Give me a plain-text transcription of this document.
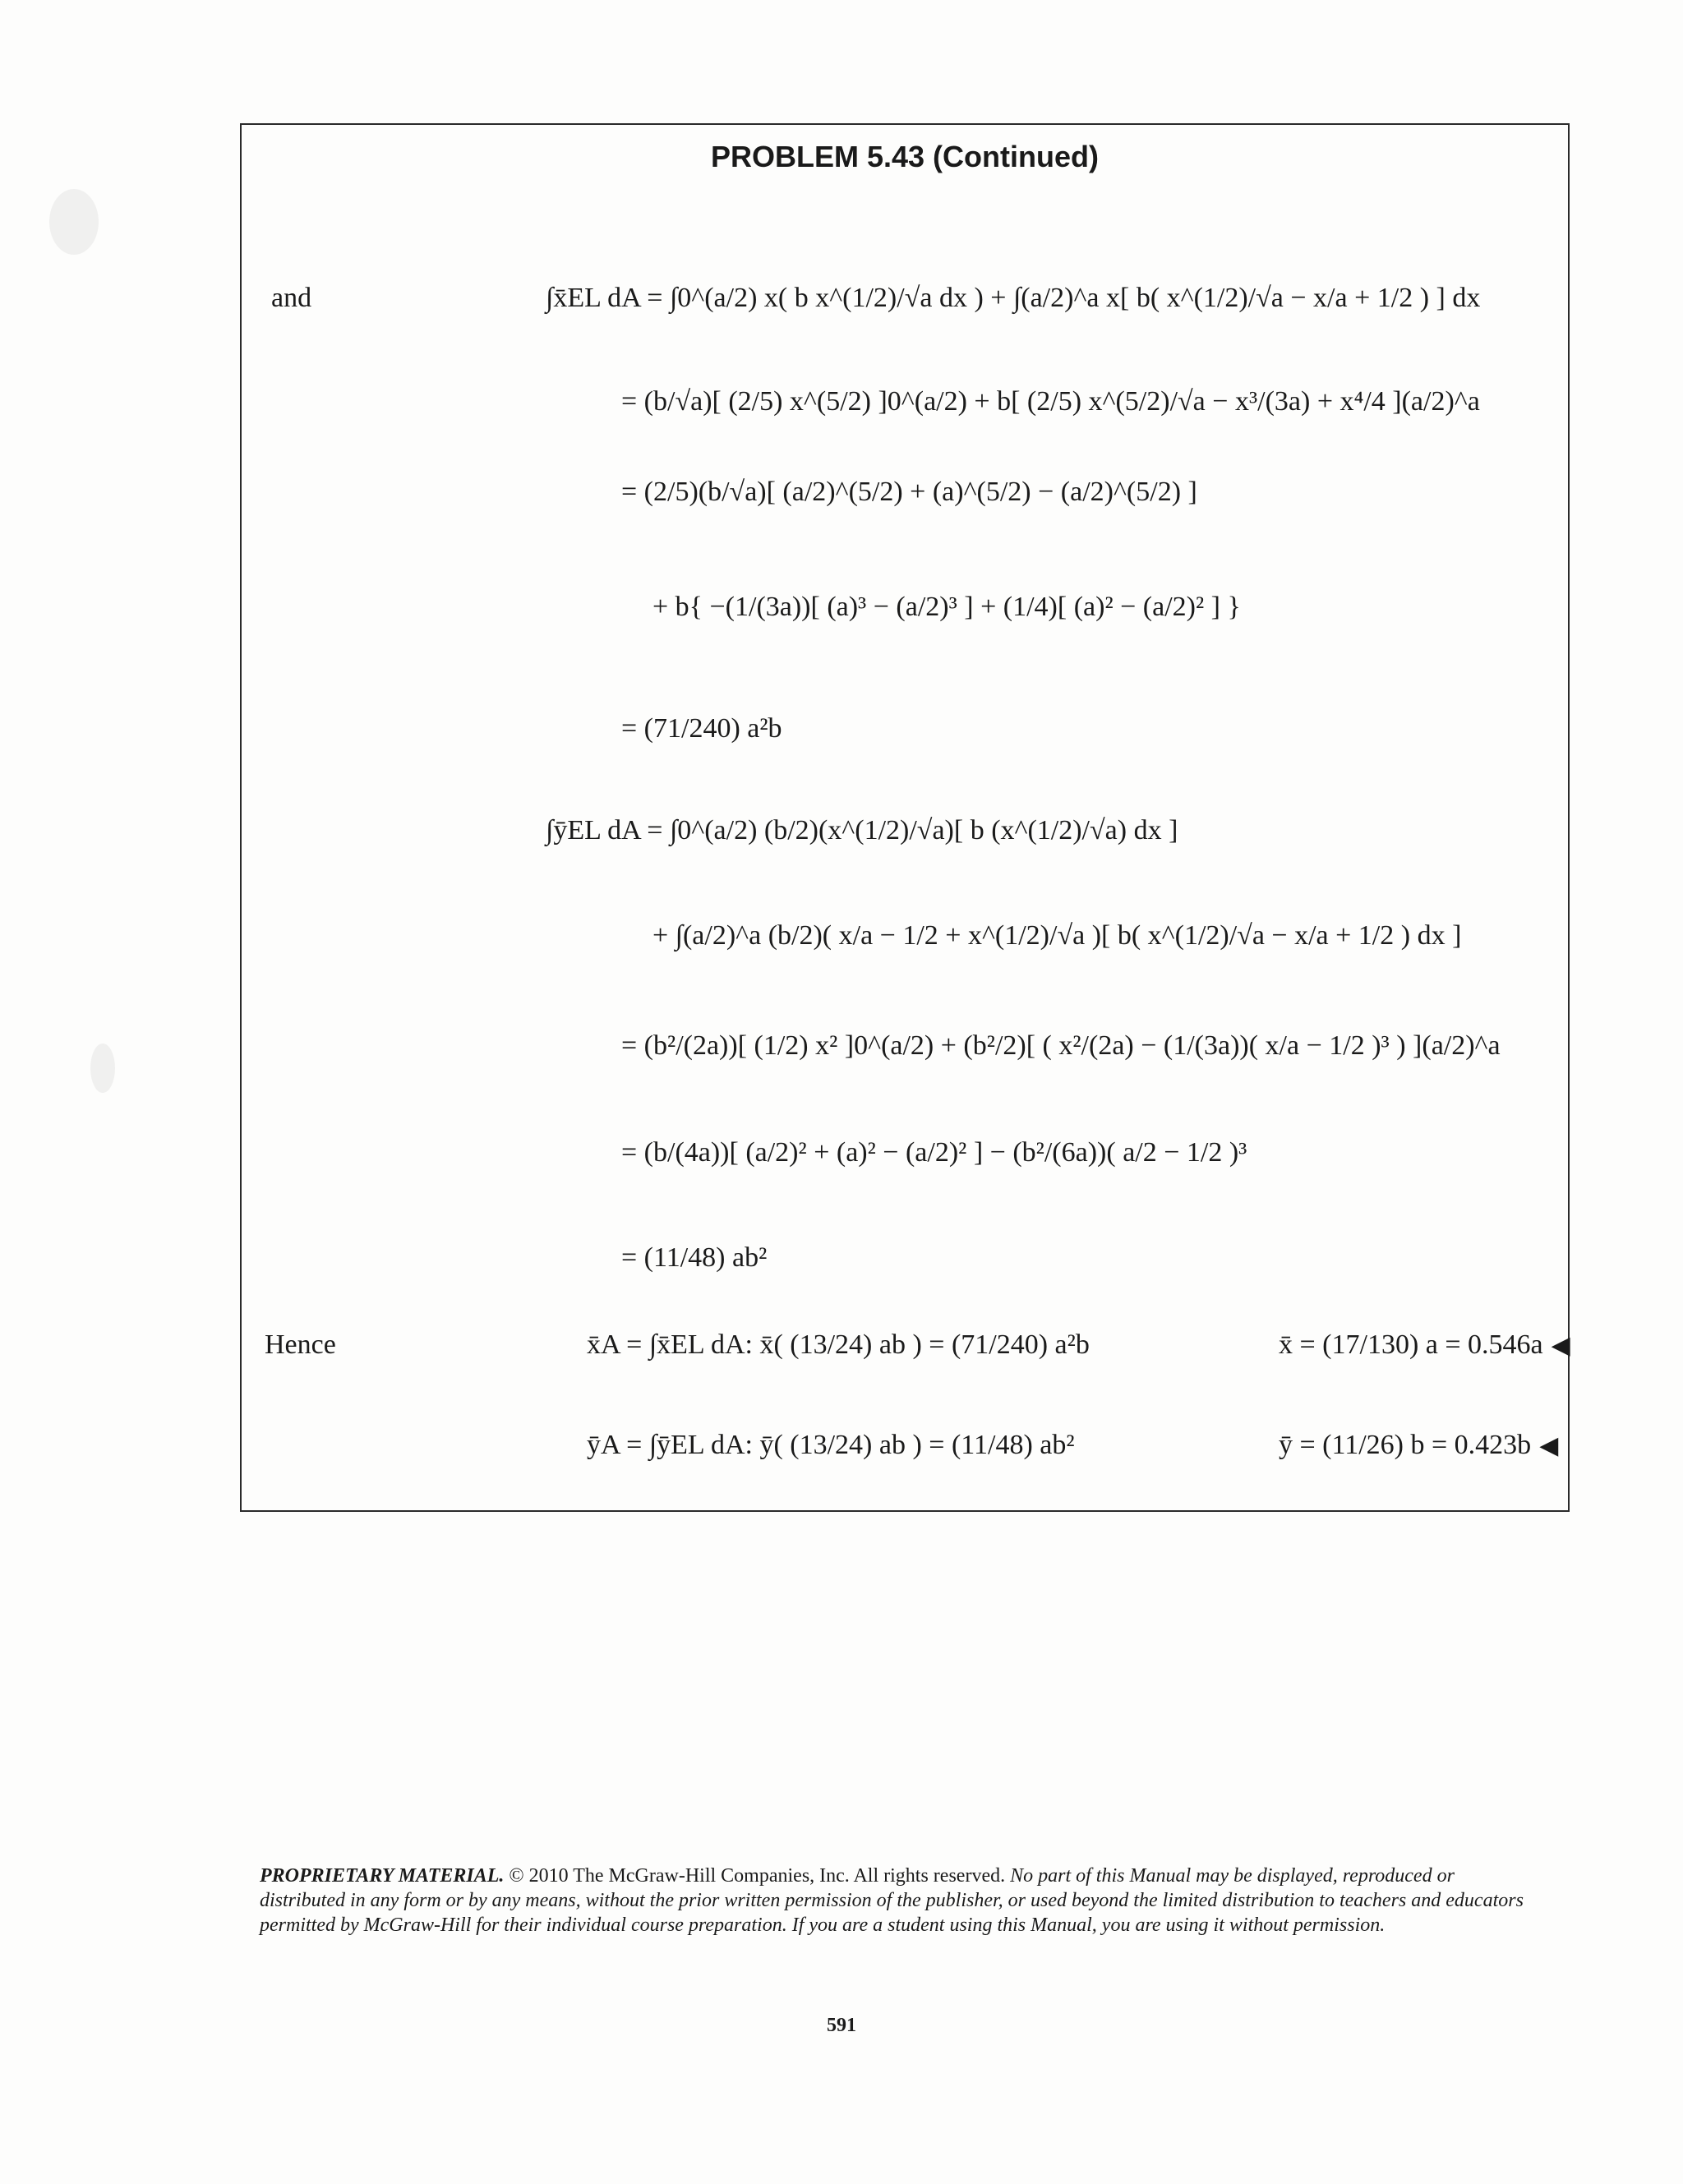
PROBLEM 5.43 (Continued)
and
Hence
∫x̄EL dA = ∫0^(a/2) x( b x^(1/2)/√a dx ) + ∫(a/2)^a x[ b( x^(1/2)/√a − x/a + 1/2 ) ] dx
= (b/√a)[ (2/5) x^(5/2) ]0^(a/2) + b[ (2/5) x^(5/2)/√a − x³/(3a) + x⁴/4 ](a/2)^a
= (2/5)(b/√a)[ (a/2)^(5/2) + (a)^(5/2) − (a/2)^(5/2) ]
+ b{ −(1/(3a))[ (a)³ − (a/2)³ ] + (1/4)[ (a)² − (a/2)² ] }
= (71/240) a²b
∫ȳEL dA = ∫0^(a/2) (b/2)(x^(1/2)/√a)[ b (x^(1/2)/√a) dx ]
+ ∫(a/2)^a (b/2)( x/a − 1/2 + x^(1/2)/√a )[ b( x^(1/2)/√a − x/a + 1/2 ) dx ]
= (b²/(2a))[ (1/2) x² ]0^(a/2) + (b²/2)[ ( x²/(2a) − (1/(3a))( x/a − 1/2 )³ ) ](a/2)^a
= (b/(4a))[ (a/2)² + (a)² − (a/2)² ] − (b²/(6a))( a/2 − 1/2 )³
= (11/48) ab²
x̄A = ∫x̄EL dA: x̄( (13/24) ab ) = (71/240) a²b
ȳA = ∫ȳEL dA: ȳ( (13/24) ab ) = (11/48) ab²
x̄ = (17/130) a = 0.546a ◀
ȳ = (11/26) b = 0.423b ◀
PROPRIETARY MATERIAL. © 2010 The McGraw-Hill Companies, Inc. All rights reserved. No part of this Manual may be displayed, reproduced or distributed in any form or by any means, without the prior written permission of the publisher, or used beyond the limited distribution to teachers and educators permitted by McGraw-Hill for their individual course preparation. If you are a student using this Manual, you are using it without permission.
591
